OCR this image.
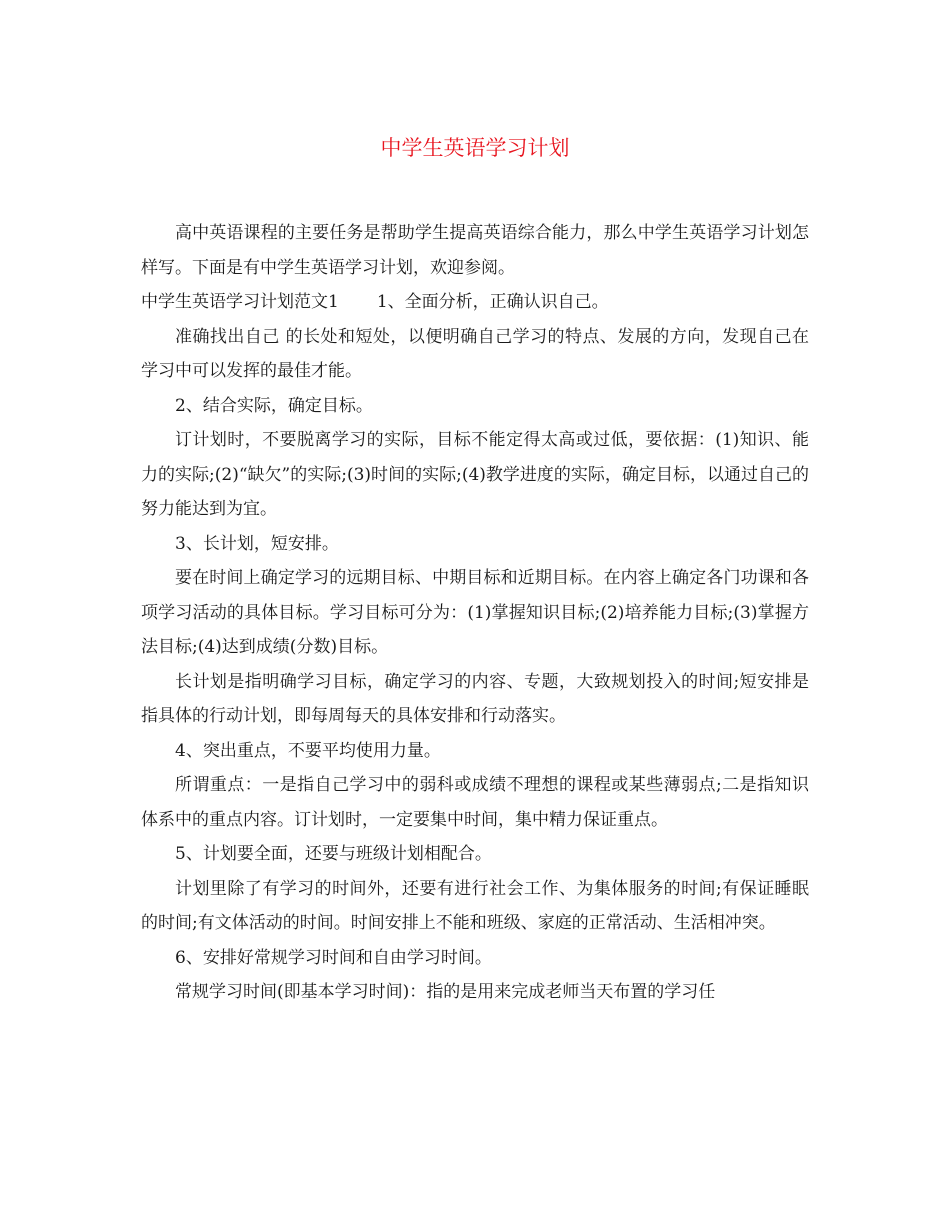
中学生英语学习计划

高中英语课程的主要任务是帮助学生提高英语综合能力，那么中学生英语学习计划怎样写。下面是有中学生英语学习计划，欢迎参阅。

中学生英语学习计划范文1 1、全面分析，正确认识自己。

准确找出自己 的长处和短处，以便明确自己学习的特点、发展的方向，发现自己在学习中可以发挥的最佳才能。

2、结合实际，确定目标。

订计划时，不要脱离学习的实际，目标不能定得太高或过低，要依据：(1)知识、能力的实际;(2)“缺欠”的实际;(3)时间的实际;(4)教学进度的实际，确定目标，以通过自己的努力能达到为宜。

3、长计划，短安排。

要在时间上确定学习的远期目标、中期目标和近期目标。在内容上确定各门功课和各项学习活动的具体目标。学习目标可分为：(1)掌握知识目标;(2)培养能力目标;(3)掌握方法目标;(4)达到成绩(分数)目标。

长计划是指明确学习目标，确定学习的内容、专题，大致规划投入的时间;短安排是指具体的行动计划，即每周每天的具体安排和行动落实。

4、突出重点，不要平均使用力量。

所谓重点：一是指自己学习中的弱科或成绩不理想的课程或某些薄弱点;二是指知识体系中的重点内容。订计划时，一定要集中时间，集中精力保证重点。

5、计划要全面，还要与班级计划相配合。

计划里除了有学习的时间外，还要有进行社会工作、为集体服务的时间;有保证睡眠的时间;有文体活动的时间。时间安排上不能和班级、家庭的正常活动、生活相冲突。

6、安排好常规学习时间和自由学习时间。

常规学习时间(即基本学习时间)：指的是用来完成老师当天布置的学习任
